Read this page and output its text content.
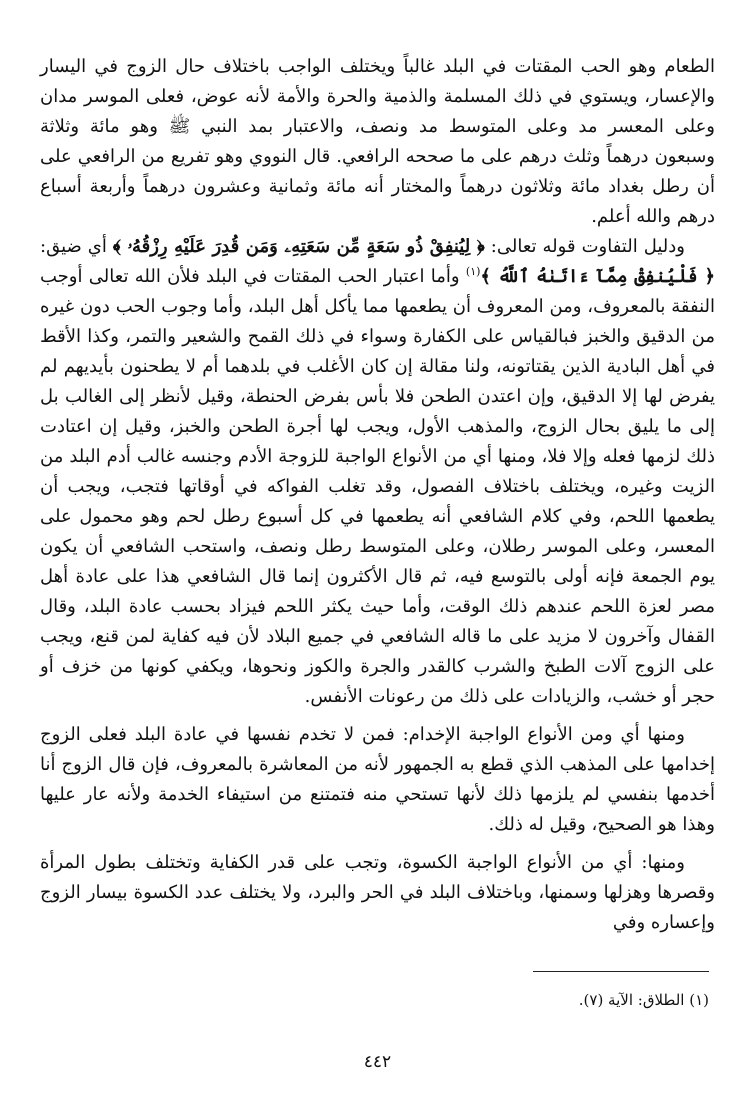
الطعام وهو الحب المقتات في البلد غالباً ويختلف الواجب باختلاف حال الزوج في اليسار والإعسار، ويستوي في ذلك المسلمة والذمية والحرة والأمة لأنه عوض، فعلى الموسر مدان وعلى المعسر مد وعلى المتوسط مد ونصف، والاعتبار بمد النبي ﷺ وهو مائة وثلاثة وسبعون درهماً وثلث درهم على ما صححه الرافعي. قال النووي وهو تفريع من الرافعي على أن رطل بغداد مائة وثلاثون درهماً والمختار أنه مائة وثمانية وعشرون درهماً وأربعة أسباع درهم والله أعلم.

ودليل التفاوت قوله تعالى: ﴿ لِيُنفِقْ ذُو سَعَةٍ مِّن سَعَتِهِۦ وَمَن قُدِرَ عَلَيْهِ رِزْقُهُۥ ﴾ أي ضيق: ﴿ فَلْيُنفِقْ مِمَّآ ءَاتَىٰهُ ٱللَّهُ ﴾$^{(١)}$ وأما اعتبار الحب المقتات في البلد فلأن الله تعالى أوجب النفقة بالمعروف، ومن المعروف أن يطعمها مما يأكل أهل البلد، وأما وجوب الحب دون غيره من الدقيق والخبز فبالقياس على الكفارة وسواء في ذلك القمح والشعير والتمر، وكذا الأقط في أهل البادية الذين يقتاتونه، ولنا مقالة إن كان الأغلب في بلدهما أم لا يطحنون بأيديهم لم يفرض لها إلا الدقيق، وإن اعتدن الطحن فلا بأس بفرض الحنطة، وقيل لأنظر إلى الغالب بل إلى ما يليق بحال الزوج، والمذهب الأول، ويجب لها أجرة الطحن والخبز، وقيل إن اعتادت ذلك لزمها فعله وإلا فلا، ومنها أي من الأنواع الواجبة للزوجة الأدم وجنسه غالب أدم البلد من الزيت وغيره، ويختلف باختلاف الفصول، وقد تغلب الفواكه في أوقاتها فتجب، ويجب أن يطعمها اللحم، وفي كلام الشافعي أنه يطعمها في كل أسبوع رطل لحم وهو محمول على المعسر، وعلى الموسر رطلان، وعلى المتوسط رطل ونصف، واستحب الشافعي أن يكون يوم الجمعة فإنه أولى بالتوسع فيه، ثم قال الأكثرون إنما قال الشافعي هذا على عادة أهل مصر لعزة اللحم عندهم ذلك الوقت، وأما حيث يكثر اللحم فيزاد بحسب عادة البلد، وقال القفال وآخرون لا مزيد على ما قاله الشافعي في جميع البلاد لأن فيه كفاية لمن قنع، ويجب على الزوج آلات الطبخ والشرب كالقدر والجرة والكوز ونحوها، ويكفي كونها من خزف أو حجر أو خشب، والزيادات على ذلك من رعونات الأنفس.

ومنها أي ومن الأنواع الواجبة الإخدام: فمن لا تخدم نفسها في عادة البلد فعلى الزوج إخدامها على المذهب الذي قطع به الجمهور لأنه من المعاشرة بالمعروف، فإن قال الزوج أنا أخدمها بنفسي لم يلزمها ذلك لأنها تستحي منه فتمتنع من استيفاء الخدمة ولأنه عار عليها وهذا هو الصحيح، وقيل له ذلك.

ومنها: أي من الأنواع الواجبة الكسوة، وتجب على قدر الكفاية وتختلف بطول المرأة وقصرها وهزلها وسمنها، وباختلاف البلد في الحر والبرد، ولا يختلف عدد الكسوة بيسار الزوج وإعساره وفي

(١) الطلاق: الآية (٧).
٤٤٢
